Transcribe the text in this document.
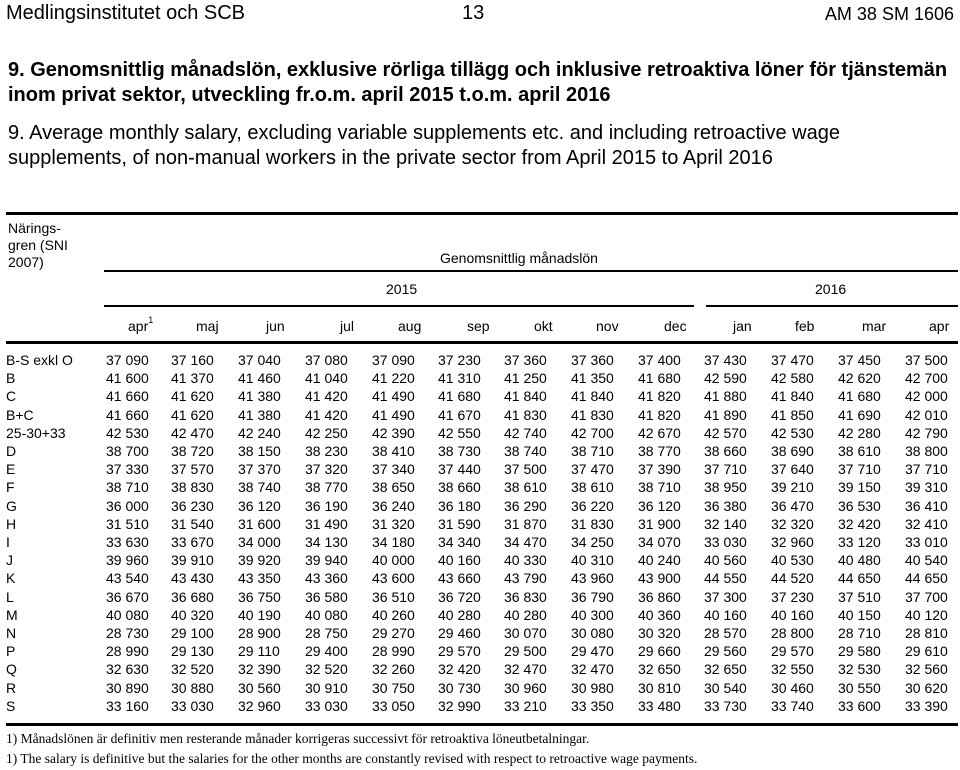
Medlingsinstitutet och SCB	13	AM 38 SM 1606
9. Genomsnittlig månadslön, exklusive rörliga tillägg och inklusive retroaktiva löner för tjänstemän inom privat sektor, utveckling fr.o.m. april 2015 t.o.m. april 2016
9. Average monthly salary, excluding variable supplements etc. and including retroactive wage supplements, of non-manual workers in the private sector from April 2015 to April 2016
Närings-
gren (SNI
2007)	Genomsnittlig månadslön
2015	2016
apr$^1$	maj	jun	jul	aug	sep	okt	nov	dec	jan	feb	mar	apr
B-S exkl O	37 090	37 160	37 040	37 080	37 090	37 230	37 360	37 360	37 400	37 430	37 470	37 450	37 500
B	41 600	41 370	41 460	41 040	41 220	41 310	41 250	41 350	41 680	42 590	42 580	42 620	42 700
C	41 660	41 620	41 380	41 420	41 490	41 680	41 840	41 840	41 820	41 880	41 840	41 680	42 000
B+C	41 660	41 620	41 380	41 420	41 490	41 670	41 830	41 830	41 820	41 890	41 850	41 690	42 010
25-30+33	42 530	42 470	42 240	42 250	42 390	42 550	42 740	42 700	42 670	42 570	42 530	42 280	42 790
D	38 700	38 720	38 150	38 230	38 410	38 730	38 740	38 710	38 770	38 660	38 690	38 610	38 800
E	37 330	37 570	37 370	37 320	37 340	37 440	37 500	37 470	37 390	37 710	37 640	37 710	37 710
F	38 710	38 830	38 740	38 770	38 650	38 660	38 610	38 610	38 710	38 950	39 210	39 150	39 310
G	36 000	36 230	36 120	36 190	36 240	36 180	36 290	36 220	36 120	36 380	36 470	36 530	36 410
H	31 510	31 540	31 600	31 490	31 320	31 590	31 870	31 830	31 900	32 140	32 320	32 420	32 410
I	33 630	33 670	34 000	34 130	34 180	34 340	34 470	34 250	34 070	33 030	32 960	33 120	33 010
J	39 960	39 910	39 920	39 940	40 000	40 160	40 330	40 310	40 240	40 560	40 530	40 480	40 540
K	43 540	43 430	43 350	43 360	43 600	43 660	43 790	43 960	43 900	44 550	44 520	44 650	44 650
L	36 670	36 680	36 750	36 580	36 510	36 720	36 830	36 790	36 860	37 300	37 230	37 510	37 700
M	40 080	40 320	40 190	40 080	40 260	40 280	40 280	40 300	40 360	40 160	40 160	40 150	40 120
N	28 730	29 100	28 900	28 750	29 270	29 460	30 070	30 080	30 320	28 570	28 800	28 710	28 810
P	28 990	29 130	29 110	29 400	28 990	29 570	29 500	29 470	29 660	29 560	29 570	29 580	29 610
Q	32 630	32 520	32 390	32 520	32 260	32 420	32 470	32 470	32 650	32 650	32 550	32 530	32 560
R	30 890	30 880	30 560	30 910	30 750	30 730	30 960	30 980	30 810	30 540	30 460	30 550	30 620
S	33 160	33 030	32 960	33 030	33 050	32 990	33 210	33 350	33 480	33 730	33 740	33 600	33 390
1) Månadslönen är definitiv men resterande månader korrigeras successivt för retroaktiva löneutbetalningar.
1) The salary is definitive but the salaries for the other months are constantly revised with respect to retroactive wage payments.
